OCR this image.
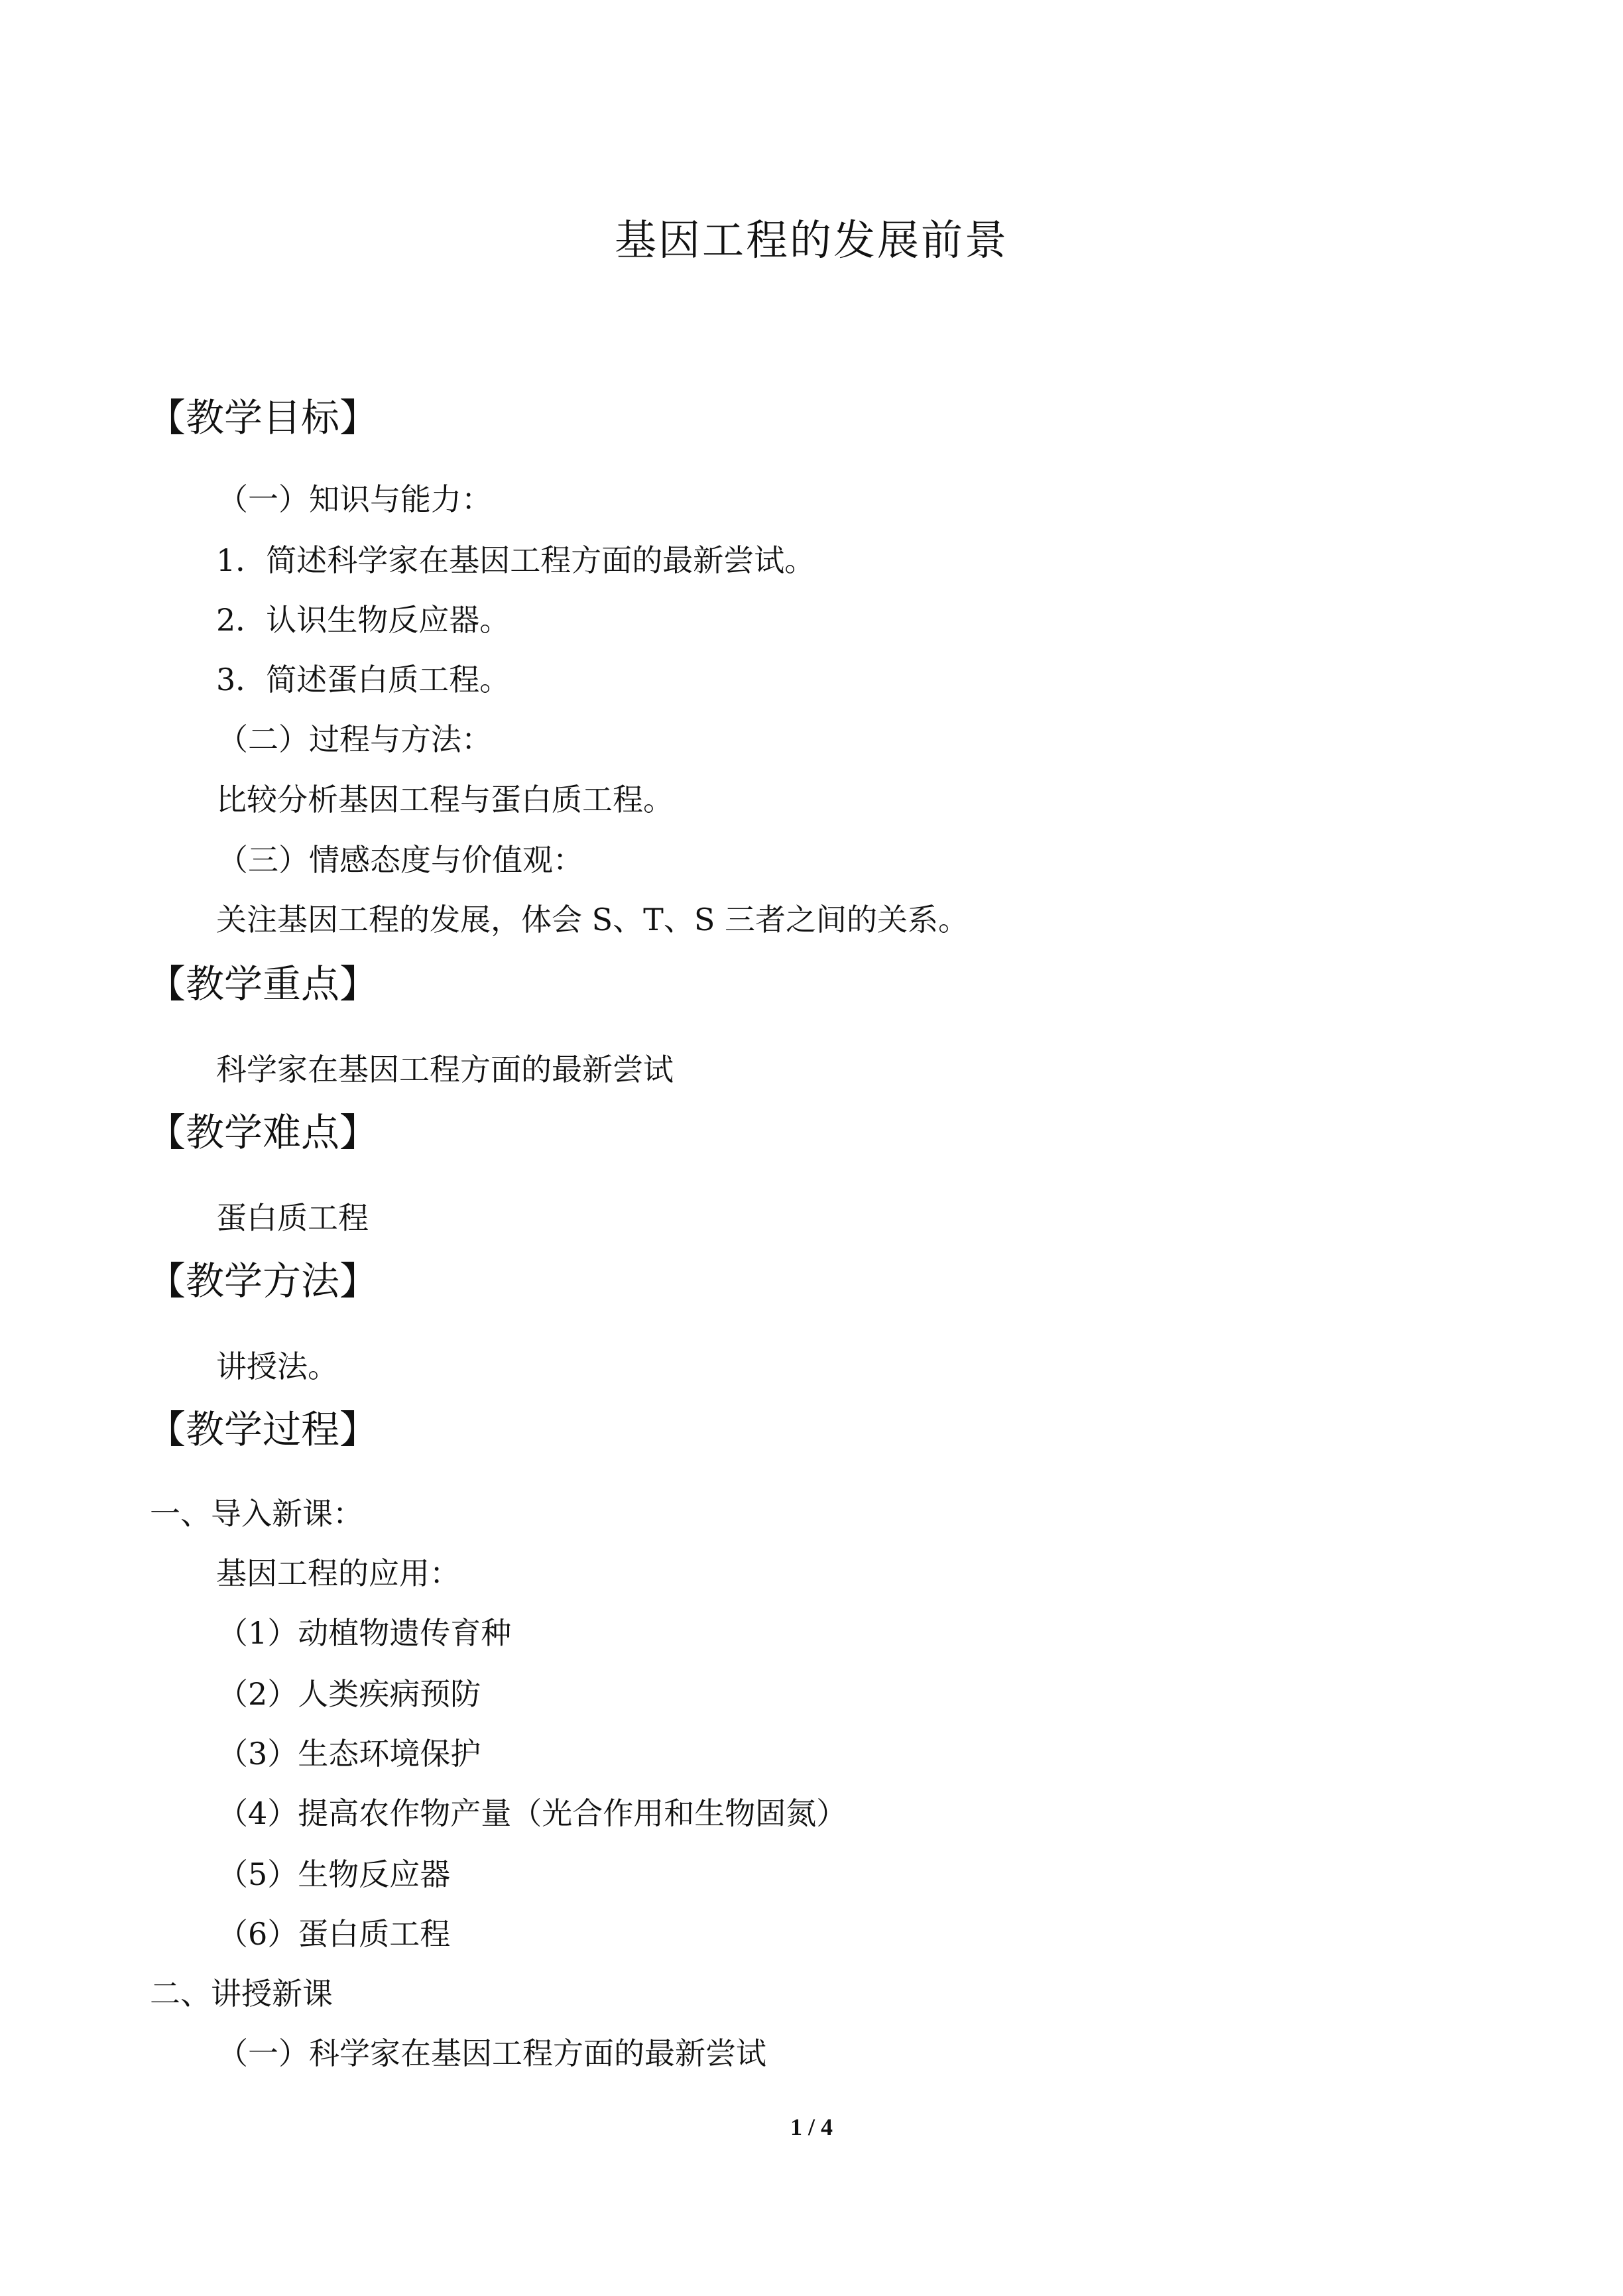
基因工程的发展前景
【教学目标】
（一）知识与能力：
1．简述科学家在基因工程方面的最新尝试。
2．认识生物反应器。
3．简述蛋白质工程。
（二）过程与方法：
比较分析基因工程与蛋白质工程。
（三）情感态度与价值观：
关注基因工程的发展，体会 S、T、S 三者之间的关系。
【教学重点】
科学家在基因工程方面的最新尝试
【教学难点】
蛋白质工程
【教学方法】
讲授法。
【教学过程】
一、导入新课：
基因工程的应用：
（1）动植物遗传育种
（2）人类疾病预防
（3）生态环境保护
（4）提高农作物产量（光合作用和生物固氮）
（5）生物反应器
（6）蛋白质工程
二、讲授新课
（一）科学家在基因工程方面的最新尝试
1 / 4
